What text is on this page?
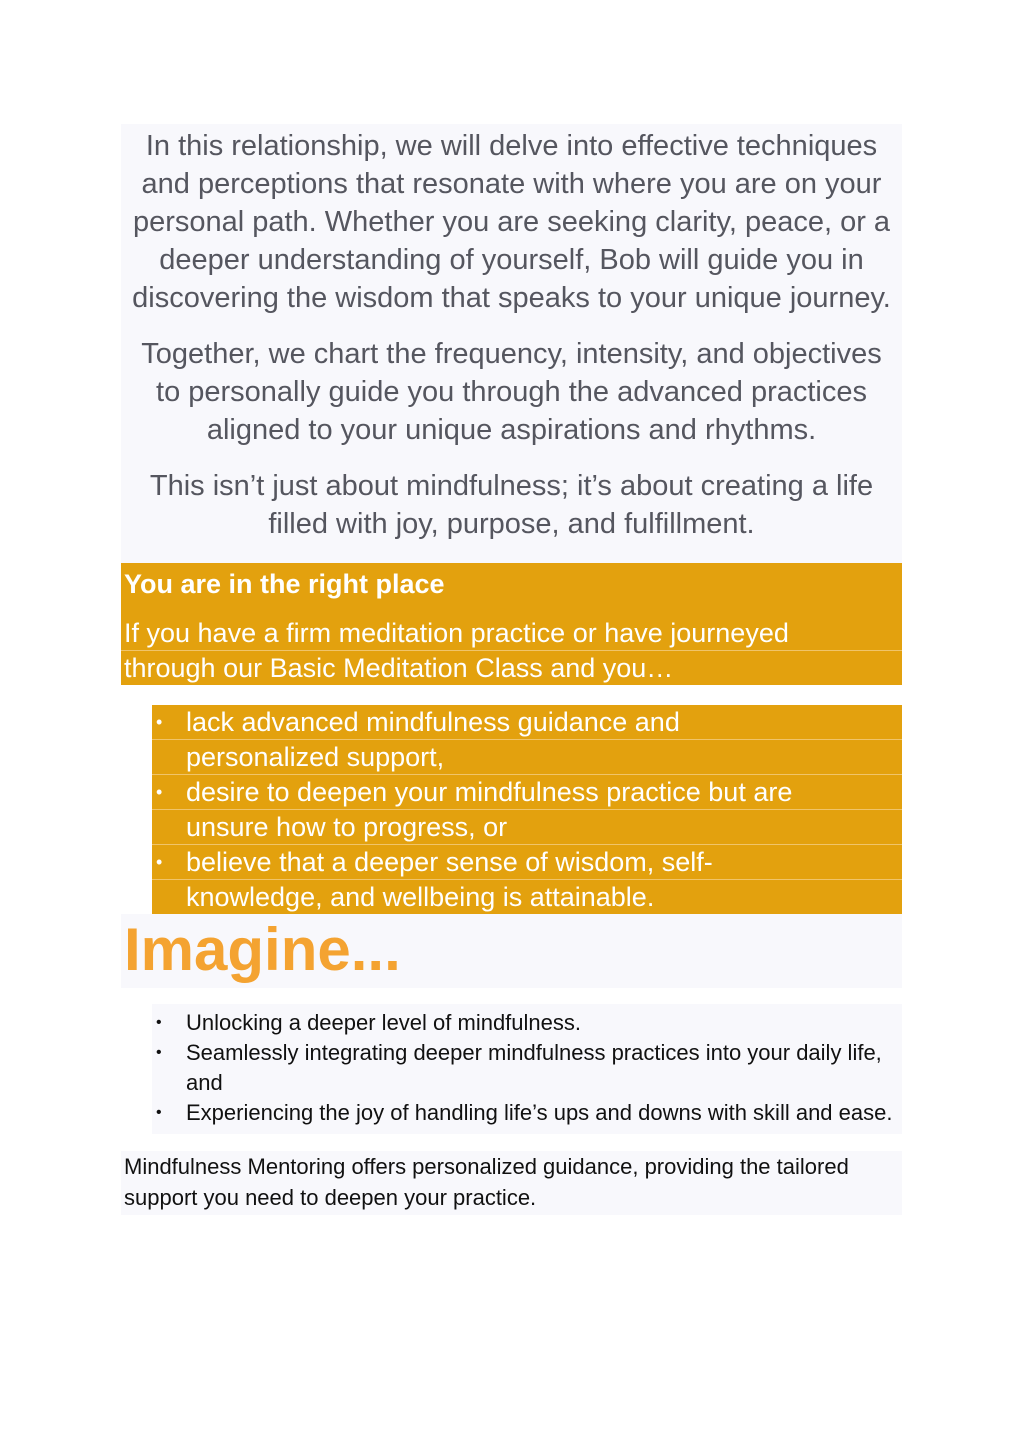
In this relationship, we will delve into effective techniques and perceptions that resonate with where you are on your personal path. Whether you are seeking clarity, peace, or a deeper understanding of yourself, Bob will guide you in discovering the wisdom that speaks to your unique journey.

Together, we chart the frequency, intensity, and objectives to personally guide you through the advanced practices aligned to your unique aspirations and rhythms.

This isn’t just about mindfulness; it’s about creating a life filled with joy, purpose, and fulfillment.

You are in the right place
If you have a firm meditation practice or have journeyed
through our Basic Meditation Class and you…
• lack advanced mindfulness guidance and
personalized support,
• desire to deepen your mindfulness practice but are
unsure how to progress, or
• believe that a deeper sense of wisdom, self-
knowledge, and wellbeing is attainable.
Imagine...
• Unlocking a deeper level of mindfulness.
• Seamlessly integrating deeper mindfulness practices into your daily life, and
• Experiencing the joy of handling life’s ups and downs with skill and ease.

Mindfulness Mentoring offers personalized guidance, providing the tailored support you need to deepen your practice.
